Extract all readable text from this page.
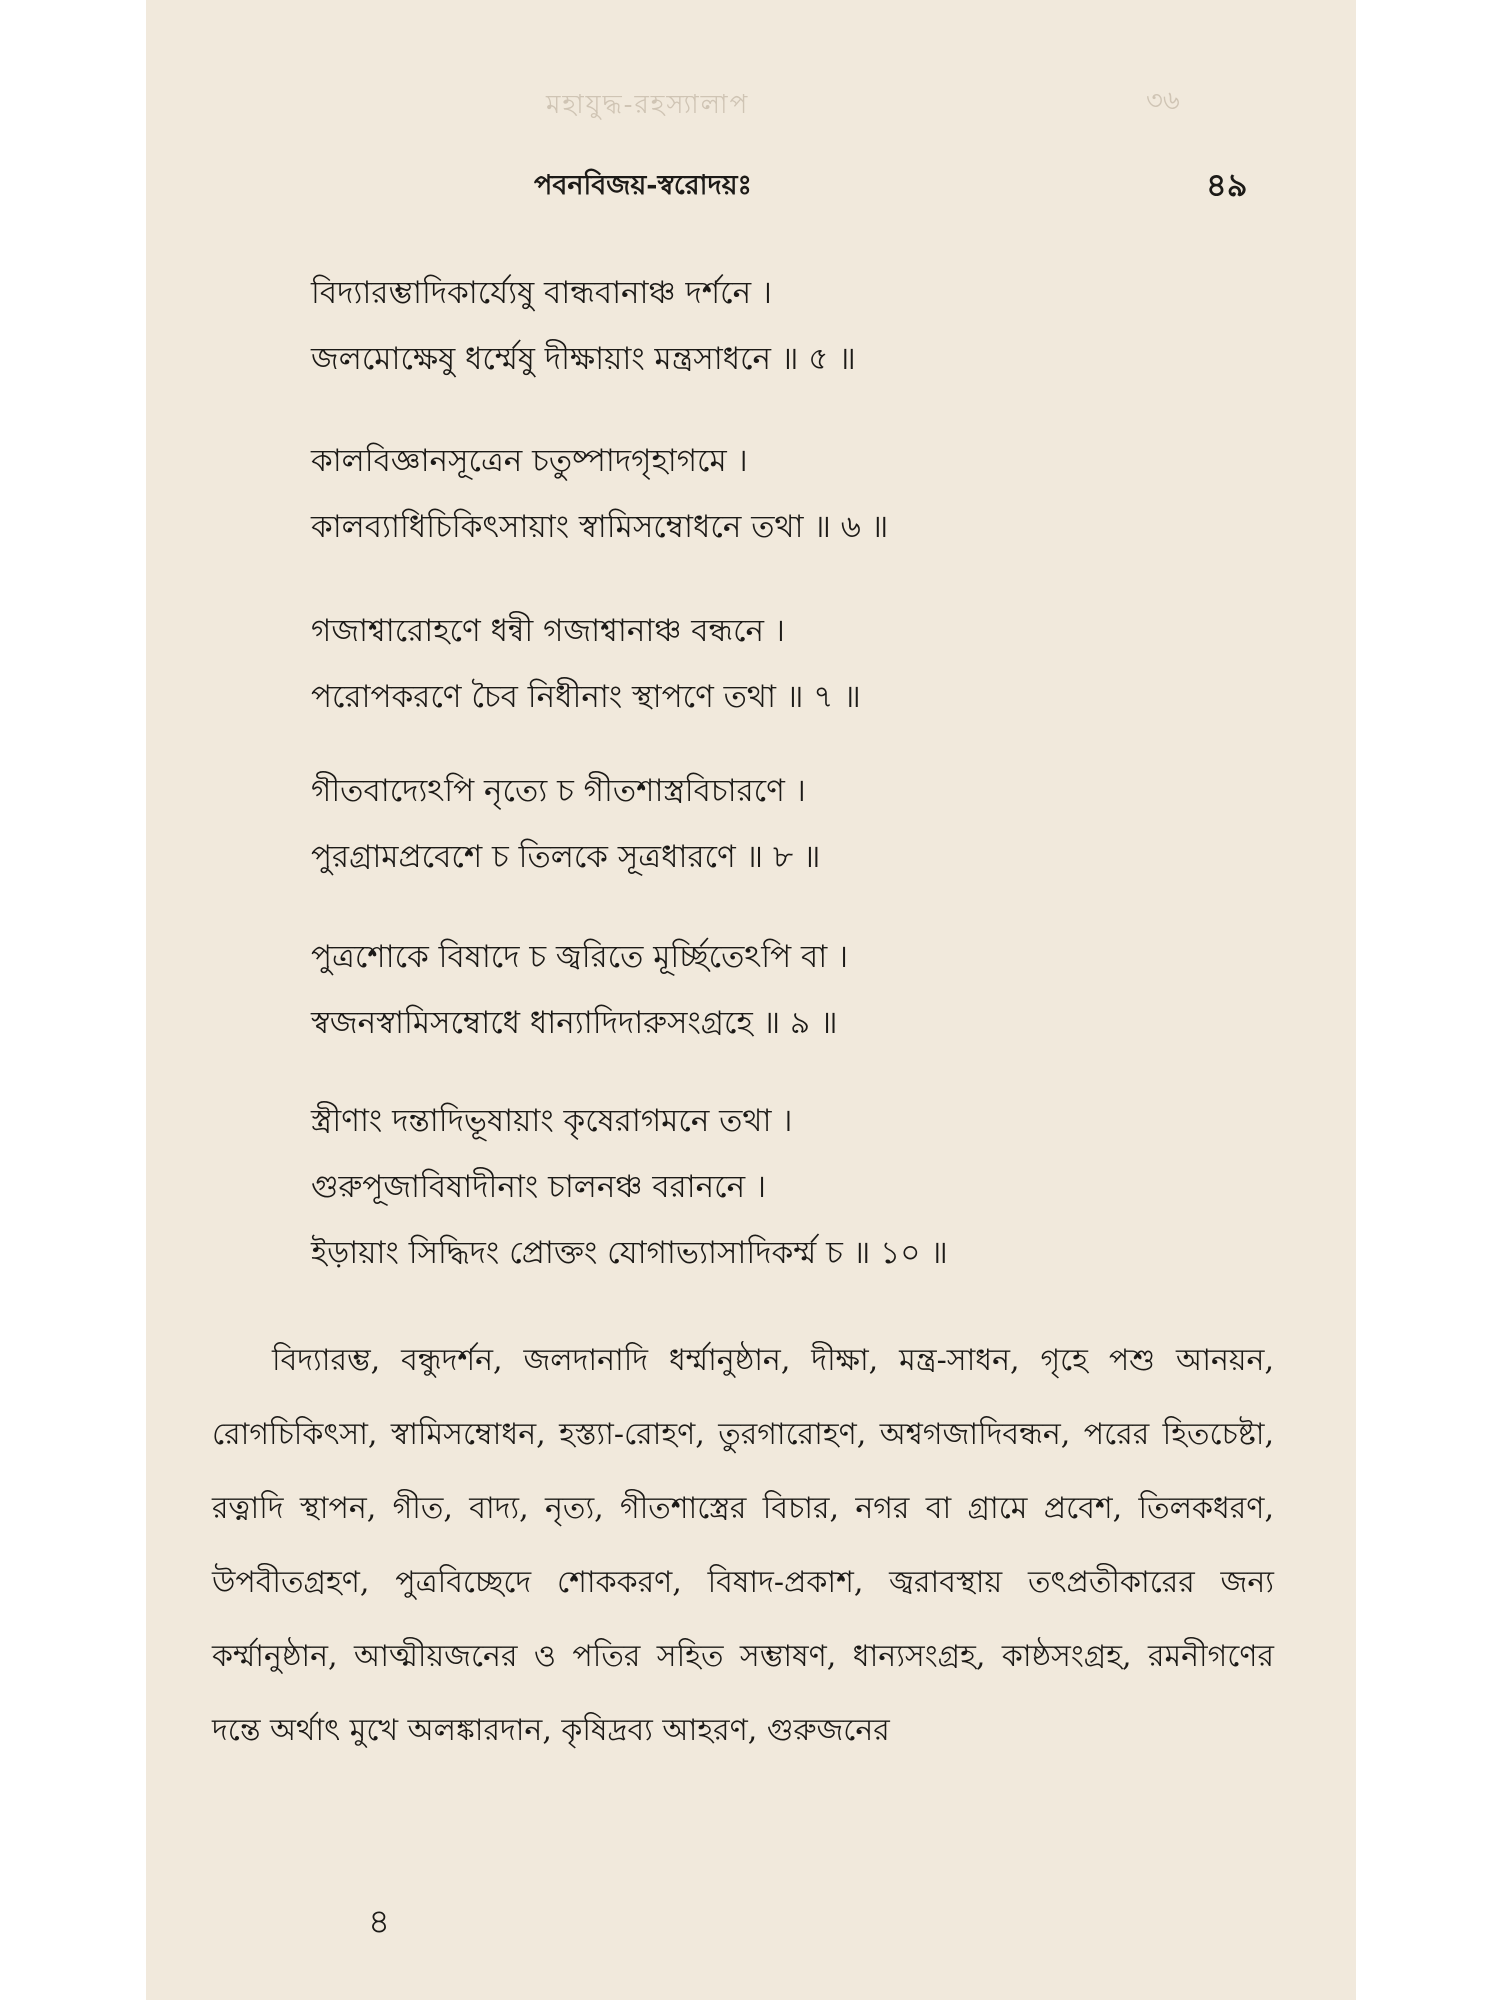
মহাযুদ্ধ-রহস্যালাপ	৩৬
পবনবিজয়-স্বরোদয়ঃ	৪৯
বিদ্যারম্ভাদিকার্য্যেষু বান্ধবানাঞ্চ দর্শনে ।
জলমোক্ষেষু ধর্ম্মেষু দীক্ষায়াং মন্ত্রসাধনে ॥ ৫ ॥
কালবিজ্ঞানসূত্রেন চতুষ্পাদগৃহাগমে ।
কালব্যাধিচিকিৎসায়াং স্বামিসম্বোধনে তথা ॥ ৬ ॥
গজাশ্বারোহণে ধন্বী গজাশ্বানাঞ্চ বন্ধনে ।
পরোপকরণে চৈব নিধীনাং স্থাপণে তথা ॥ ৭ ॥
গীতবাদ্যেঽপি নৃত্যে চ গীতশাস্ত্রবিচারণে ।
পুরগ্রামপ্রবেশে চ তিলকে সূত্রধারণে ॥ ৮ ॥
পুত্রশোকে বিষাদে চ জ্বরিতে মূর্চ্ছিতেঽপি বা ।
স্বজনস্বামিসম্বোধে ধান্যাদিদারুসংগ্রহে ॥ ৯ ॥
স্ত্রীণাং দন্তাদিভূষায়াং কৃষেরাগমনে তথা ।
গুরুপূজাবিষাদীনাং চালনঞ্চ বরাননে ।
ইড়ায়াং সিদ্ধিদং প্রোক্তং যোগাভ্যাসাদিকর্ম্ম চ ॥ ১০ ॥

বিদ্যারম্ভ, বন্ধুদর্শন, জলদানাদি ধর্ম্মানুষ্ঠান, দীক্ষা, মন্ত্র-সাধন, গৃহে পশু আনয়ন, রোগচিকিৎসা, স্বামিসম্বোধন, হস্ত্যা-রোহণ, তুরগারোহণ, অশ্বগজাদিবন্ধন, পরের হিতচেষ্টা, রত্নাদি স্থাপন, গীত, বাদ্য, নৃত্য, গীতশাস্ত্রের বিচার, নগর বা গ্রামে প্রবেশ, তিলকধরণ, উপবীতগ্রহণ, পুত্রবিচ্ছেদে শোককরণ, বিষাদ-প্রকাশ, জ্বরাবস্থায় তৎপ্রতীকারের জন্য কর্ম্মানুষ্ঠান, আত্মীয়জনের ও পতির সহিত সম্ভাষণ, ধান্যসংগ্রহ, কাষ্ঠসংগ্রহ, রমনীগণের দন্তে অর্থাৎ মুখে অলঙ্কারদান, কৃষিদ্রব্য আহরণ, গুরুজনের

৪
